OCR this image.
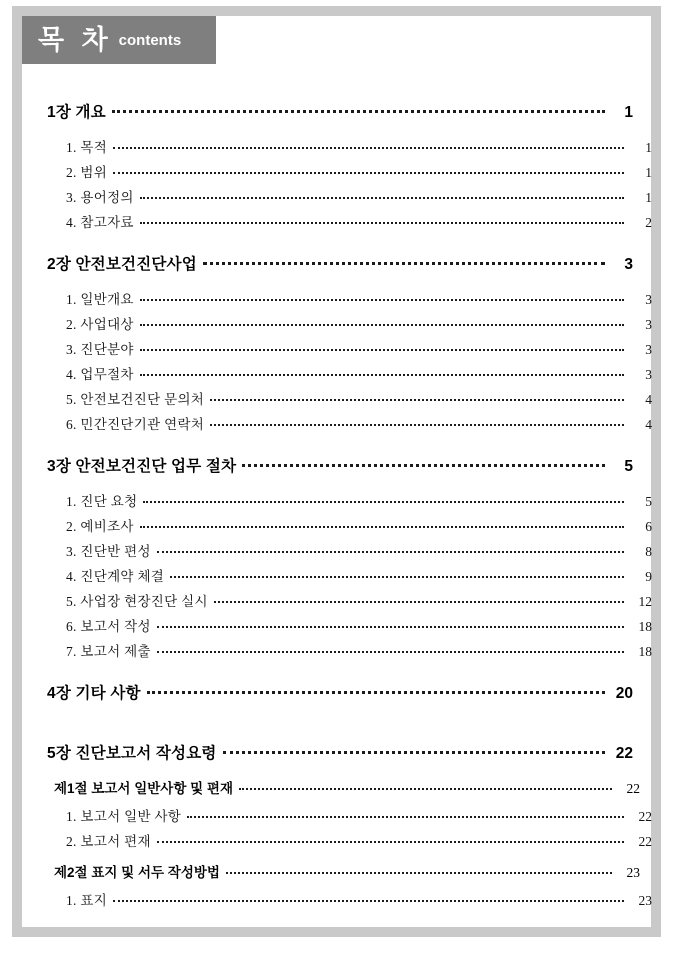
목 차 contents
1장 개요	1
1. 목적	1
2. 범위	1
3. 용어정의	1
4. 참고자료	2
2장 안전보건진단사업	3
1. 일반개요	3
2. 사업대상	3
3. 진단분야	3
4. 업무절차	3
5. 안전보건진단 문의처	4
6. 민간진단기관 연락처	4
3장 안전보건진단 업무 절차	5
1. 진단 요청	5
2. 예비조사	6
3. 진단반 편성	8
4. 진단계약 체결	9
5. 사업장 현장진단 실시	12
6. 보고서 작성	18
7. 보고서 제출	18
4장 기타 사항	20
5장 진단보고서 작성요령	22
제1절 보고서 일반사항 및 편재	22
1. 보고서 일반 사항	22
2. 보고서 편재	22
제2절 표지 및 서두 작성방법	23
1. 표지	23
